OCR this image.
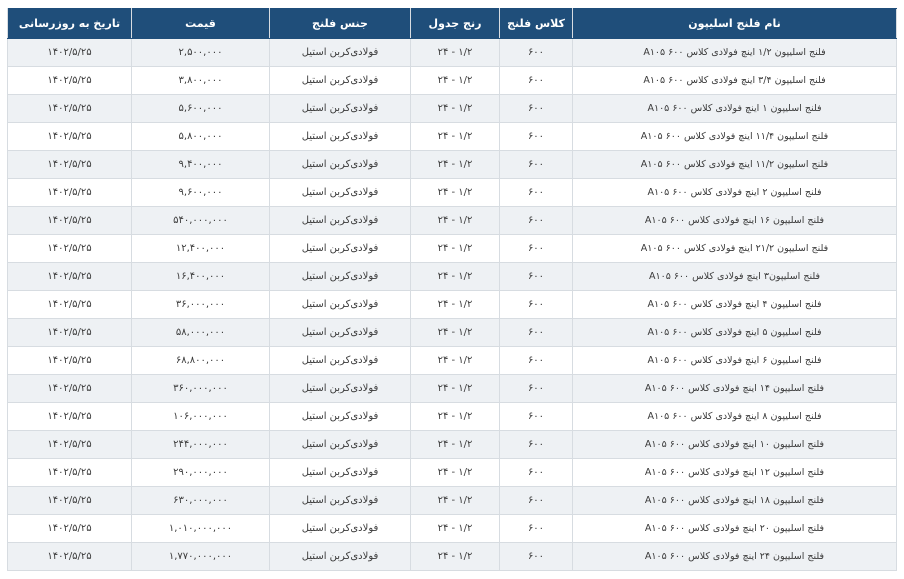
نام فلنج اسلیپون	کلاس فلنج	رنج جدول	جنس فلنج	قیمت	تاریخ به روزرسانی
فلنج اسلیپون ۱/۲ اینچ فولادی کلاس ۶۰۰ A۱۰۵	۶۰۰	۲۴ - ۱/۲	فولادی‌کربن استیل	۲,۵۰۰,۰۰۰	۱۴۰۲/۵/۲۵
فلنج اسلیپون ۳/۴ اینچ فولادی کلاس ۶۰۰ A۱۰۵	۶۰۰	۲۴ - ۱/۲	فولادی‌کربن استیل	۳,۸۰۰,۰۰۰	۱۴۰۲/۵/۲۵
فلنج اسلیپون ۱ اینچ فولادی کلاس ۶۰۰ A۱۰۵	۶۰۰	۲۴ - ۱/۲	فولادی‌کربن استیل	۵,۶۰۰,۰۰۰	۱۴۰۲/۵/۲۵
فلنج اسلیپون ۱۱/۴ اینچ فولادی کلاس ۶۰۰ A۱۰۵	۶۰۰	۲۴ - ۱/۲	فولادی‌کربن استیل	۵,۸۰۰,۰۰۰	۱۴۰۲/۵/۲۵
فلنج اسلیپون ۱۱/۲ اینچ فولادی کلاس ۶۰۰ A۱۰۵	۶۰۰	۲۴ - ۱/۲	فولادی‌کربن استیل	۹,۴۰۰,۰۰۰	۱۴۰۲/۵/۲۵
فلنج اسلیپون ۲ اینچ فولادی کلاس ۶۰۰ A۱۰۵	۶۰۰	۲۴ - ۱/۲	فولادی‌کربن استیل	۹,۶۰۰,۰۰۰	۱۴۰۲/۵/۲۵
فلنج اسلیپون ۱۶ اینچ فولادی کلاس ۶۰۰ A۱۰۵	۶۰۰	۲۴ - ۱/۲	فولادی‌کربن استیل	۵۴۰,۰۰۰,۰۰۰	۱۴۰۲/۵/۲۵
فلنج اسلیپون ۲۱/۲ اینچ فولادی کلاس ۶۰۰ A۱۰۵	۶۰۰	۲۴ - ۱/۲	فولادی‌کربن استیل	۱۲,۴۰۰,۰۰۰	۱۴۰۲/۵/۲۵
فلنج اسلیپون۳ اینچ فولادی کلاس ۶۰۰ A۱۰۵	۶۰۰	۲۴ - ۱/۲	فولادی‌کربن استیل	۱۶,۴۰۰,۰۰۰	۱۴۰۲/۵/۲۵
فلنج اسلیپون ۴ اینچ فولادی کلاس ۶۰۰ A۱۰۵	۶۰۰	۲۴ - ۱/۲	فولادی‌کربن استیل	۳۶,۰۰۰,۰۰۰	۱۴۰۲/۵/۲۵
فلنج اسلیپون ۵ اینچ فولادی کلاس ۶۰۰ A۱۰۵	۶۰۰	۲۴ - ۱/۲	فولادی‌کربن استیل	۵۸,۰۰۰,۰۰۰	۱۴۰۲/۵/۲۵
فلنج اسلیپون ۶ اینچ فولادی کلاس ۶۰۰ A۱۰۵	۶۰۰	۲۴ - ۱/۲	فولادی‌کربن استیل	۶۸,۸۰۰,۰۰۰	۱۴۰۲/۵/۲۵
فلنج اسلیپون ۱۴ اینچ فولادی کلاس ۶۰۰ A۱۰۵	۶۰۰	۲۴ - ۱/۲	فولادی‌کربن استیل	۳۶۰,۰۰۰,۰۰۰	۱۴۰۲/۵/۲۵
فلنج اسلیپون ۸ اینچ فولادی کلاس ۶۰۰ A۱۰۵	۶۰۰	۲۴ - ۱/۲	فولادی‌کربن استیل	۱۰۶,۰۰۰,۰۰۰	۱۴۰۲/۵/۲۵
فلنج اسلیپون ۱۰ اینچ فولادی کلاس ۶۰۰ A۱۰۵	۶۰۰	۲۴ - ۱/۲	فولادی‌کربن استیل	۲۴۴,۰۰۰,۰۰۰	۱۴۰۲/۵/۲۵
فلنج اسلیپون ۱۲ اینچ فولادی کلاس ۶۰۰ A۱۰۵	۶۰۰	۲۴ - ۱/۲	فولادی‌کربن استیل	۲۹۰,۰۰۰,۰۰۰	۱۴۰۲/۵/۲۵
فلنج اسلیپون ۱۸ اینچ فولادی کلاس ۶۰۰ A۱۰۵	۶۰۰	۲۴ - ۱/۲	فولادی‌کربن استیل	۶۳۰,۰۰۰,۰۰۰	۱۴۰۲/۵/۲۵
فلنج اسلیپون ۲۰ اینچ فولادی کلاس ۶۰۰ A۱۰۵	۶۰۰	۲۴ - ۱/۲	فولادی‌کربن استیل	۱,۰۱۰,۰۰۰,۰۰۰	۱۴۰۲/۵/۲۵
فلنج اسلیپون ۲۴ اینچ فولادی کلاس ۶۰۰ A۱۰۵	۶۰۰	۲۴ - ۱/۲	فولادی‌کربن استیل	۱,۷۷۰,۰۰۰,۰۰۰	۱۴۰۲/۵/۲۵
